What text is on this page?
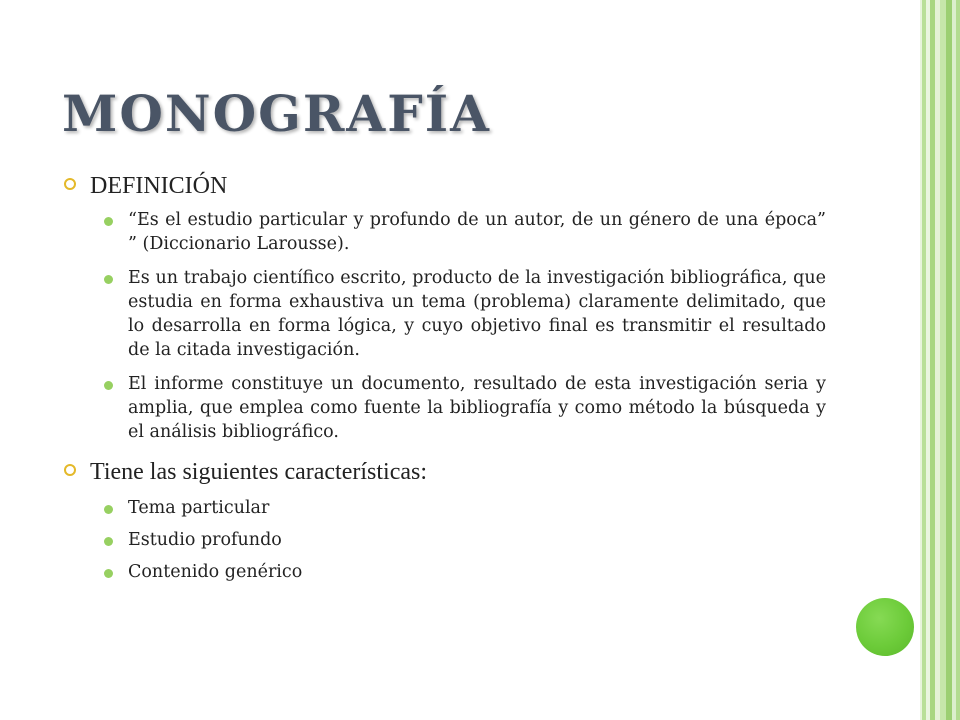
MONOGRAFÍA
DEFINICIÓN
“Es el estudio particular y profundo de un autor, de un género de una época” ” (Diccionario Larousse).
Es un trabajo científico escrito, producto de la investigación bibliográfica, que estudia en forma exhaustiva un tema (problema) claramente delimitado, que lo desarrolla en forma lógica, y cuyo objetivo final es transmitir el resultado de la citada investigación.
El informe constituye un documento, resultado de esta investigación seria y amplia, que emplea como fuente la bibliografía y como método la búsqueda y el análisis bibliográfico.
Tiene las siguientes características:
Tema particular
Estudio profundo
Contenido genérico
